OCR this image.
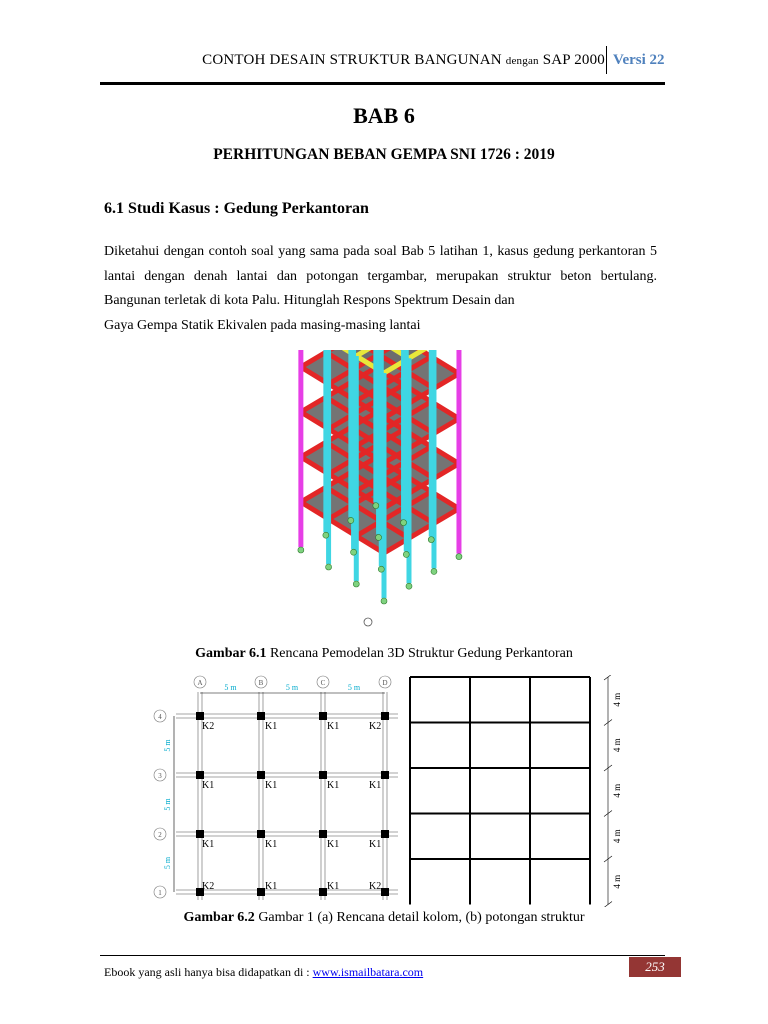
CONTOH DESAIN STRUKTUR BANGUNAN dengan SAP 2000 Versi 22
BAB 6
PERHITUNGAN BEBAN GEMPA SNI 1726 : 2019
6.1 Studi Kasus : Gedung Perkantoran
Diketahui dengan contoh soal yang sama pada soal Bab 5 latihan 1, kasus gedung perkantoran 5 lantai dengan denah lantai dan potongan tergambar, merupakan struktur beton bertulang. Bangunan terletak di kota Palu. Hitunglah Respons Spektrum Desain dan
Gaya Gempa Statik Ekivalen pada masing-masing lantai
Gambar 6.1 Rencana Pemodelan 3D Struktur Gedung Perkantoran
K2	K1	K1	K2
K1	K1	K1	K1
K1	K1	K1	K1
K2	K1	K1	K2
A	B	C	D
4
3
2
1
5 m
5 m
5 m
5 m
5 m
5 m
4 m
4 m
4 m
4 m
4 m
Gambar 6.2 Gambar 1 (a) Rencana detail kolom, (b) potongan struktur
Ebook yang asli hanya bisa didapatkan di : www.ismailbatara.com	253
